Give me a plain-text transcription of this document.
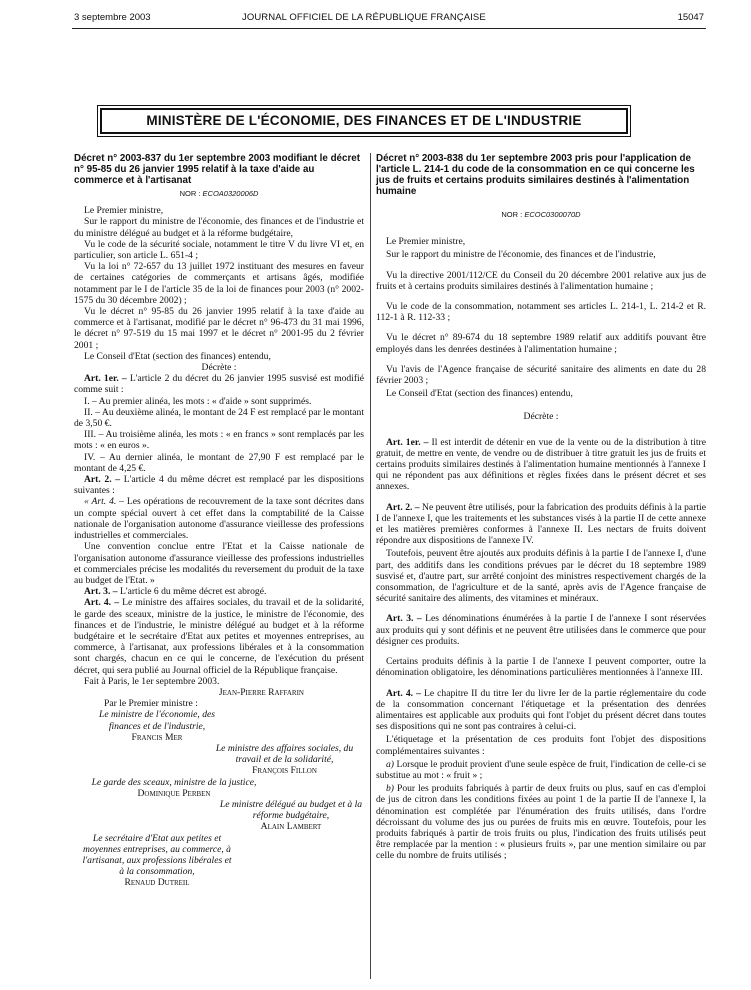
3 septembre 2003	JOURNAL OFFICIEL DE LA RÉPUBLIQUE FRANÇAISE	15047
MINISTÈRE DE L'ÉCONOMIE, DES FINANCES ET DE L'INDUSTRIE
Décret n° 2003-837 du 1er septembre 2003 modifiant le décret n° 95-85 du 26 janvier 1995 relatif à la taxe d'aide au commerce et à l'artisanat
NOR : ECOA0320006D

Le Premier ministre,

Sur le rapport du ministre de l'économie, des finances et de l'industrie et du ministre délégué au budget et à la réforme budgétaire,

Vu le code de la sécurité sociale, notamment le titre V du livre VI et, en particulier, son article L. 651-4 ;

Vu la loi n° 72-657 du 13 juillet 1972 instituant des mesures en faveur de certaines catégories de commerçants et artisans âgés, modifiée notamment par le I de l'article 35 de la loi de finances pour 2003 (n° 2002-1575 du 30 décembre 2002) ;

Vu le décret n° 95-85 du 26 janvier 1995 relatif à la taxe d'aide au commerce et à l'artisanat, modifié par le décret n° 96-473 du 31 mai 1996, le décret n° 97-519 du 15 mai 1997 et le décret n° 2001-95 du 2 février 2001 ;

Le Conseil d'Etat (section des finances) entendu,

Décrète :

Art. 1er. – L'article 2 du décret du 26 janvier 1995 susvisé est modifié comme suit :

I. – Au premier alinéa, les mots : « d'aide » sont supprimés.

II. – Au deuxième alinéa, le montant de 24 F est remplacé par le montant de 3,50 €.

III. – Au troisième alinéa, les mots : « en francs » sont remplacés par les mots : « en euros ».

IV. – Au dernier alinéa, le montant de 27,90 F est remplacé par le montant de 4,25 €.

Art. 2. – L'article 4 du même décret est remplacé par les dispositions suivantes :

« Art. 4. – Les opérations de recouvrement de la taxe sont décrites dans un compte spécial ouvert à cet effet dans la comptabilité de la Caisse nationale de l'organisation autonome d'assurance vieillesse des professions industrielles et commerciales.

Une convention conclue entre l'Etat et la Caisse nationale de l'organisation autonome d'assurance vieillesse des professions industrielles et commerciales précise les modalités du reversement du produit de la taxe au budget de l'Etat. »

Art. 3. – L'article 6 du même décret est abrogé.

Art. 4. – Le ministre des affaires sociales, du travail et de la solidarité, le garde des sceaux, ministre de la justice, le ministre de l'économie, des finances et de l'industrie, le ministre délégué au budget et à la réforme budgétaire et le secrétaire d'Etat aux petites et moyennes entreprises, au commerce, à l'artisanat, aux professions libérales et à la consommation sont chargés, chacun en ce qui le concerne, de l'exécution du présent décret, qui sera publié au Journal officiel de la République française.

Fait à Paris, le 1er septembre 2003.

Jean-Pierre Raffarin

Par le Premier ministre :

Le ministre de l'économie, des finances et de l'industrie,
Francis Mer
Le ministre des affaires sociales, du travail et de la solidarité,
François Fillon
Le garde des sceaux, ministre de la justice,
Dominique Perben
Le ministre délégué au budget et à la réforme budgétaire,
Alain Lambert
Le secrétaire d'Etat aux petites et moyennes entreprises, au commerce, à l'artisanat, aux professions libérales et à la consommation,
Renaud Dutreil
Décret n° 2003-838 du 1er septembre 2003 pris pour l'application de l'article L. 214-1 du code de la consommation en ce qui concerne les jus de fruits et certains produits similaires destinés à l'alimentation humaine
NOR : ECOC0300070D

Le Premier ministre,

Sur le rapport du ministre de l'économie, des finances et de l'industrie,

Vu la directive 2001/112/CE du Conseil du 20 décembre 2001 relative aux jus de fruits et à certains produits similaires destinés à l'alimentation humaine ;

Vu le code de la consommation, notamment ses articles L. 214-1, L. 214-2 et R. 112-1 à R. 112-33 ;

Vu le décret n° 89-674 du 18 septembre 1989 relatif aux additifs pouvant être employés dans les denrées destinées à l'alimentation humaine ;

Vu l'avis de l'Agence française de sécurité sanitaire des aliments en date du 28 février 2003 ;

Le Conseil d'Etat (section des finances) entendu,

Décrète :

Art. 1er. – Il est interdit de détenir en vue de la vente ou de la distribution à titre gratuit, de mettre en vente, de vendre ou de distribuer à titre gratuit les jus de fruits et certains produits similaires destinés à l'alimentation humaine mentionnés à l'annexe I qui ne répondent pas aux définitions et règles fixées dans le présent décret et ses annexes.

Art. 2. – Ne peuvent être utilisés, pour la fabrication des produits définis à la partie I de l'annexe I, que les traitements et les substances visés à la partie II de cette annexe et les matières premières conformes à l'annexe II. Les nectars de fruits doivent répondre aux dispositions de l'annexe IV.

Toutefois, peuvent être ajoutés aux produits définis à la partie I de l'annexe I, d'une part, des additifs dans les conditions prévues par le décret du 18 septembre 1989 susvisé et, d'autre part, sur arrêté conjoint des ministres respectivement chargés de la consommation, de l'agriculture et de la santé, après avis de l'Agence française de sécurité sanitaire des aliments, des vitamines et minéraux.

Art. 3. – Les dénominations énumérées à la partie I de l'annexe I sont réservées aux produits qui y sont définis et ne peuvent être utilisées dans le commerce que pour désigner ces produits.

Certains produits définis à la partie I de l'annexe I peuvent comporter, outre la dénomination obligatoire, les dénominations particulières mentionnées à l'annexe III.

Art. 4. – Le chapitre II du titre Ier du livre Ier de la partie réglementaire du code de la consommation concernant l'étiquetage et la présentation des denrées alimentaires est applicable aux produits qui font l'objet du présent décret dans toutes ses dispositions qui ne sont pas contraires à celui-ci.

L'étiquetage et la présentation de ces produits font l'objet des dispositions complémentaires suivantes :

a) Lorsque le produit provient d'une seule espèce de fruit, l'indication de celle-ci se substitue au mot : « fruit » ;

b) Pour les produits fabriqués à partir de deux fruits ou plus, sauf en cas d'emploi de jus de citron dans les conditions fixées au point 1 de la partie II de l'annexe I, la dénomination est complétée par l'énumération des fruits utilisés, dans l'ordre décroissant du volume des jus ou purées de fruits mis en œuvre. Toutefois, pour les produits fabriqués à partir de trois fruits ou plus, l'indication des fruits utilisés peut être remplacée par la mention : « plusieurs fruits », par une mention similaire ou par celle du nombre de fruits utilisés ;
